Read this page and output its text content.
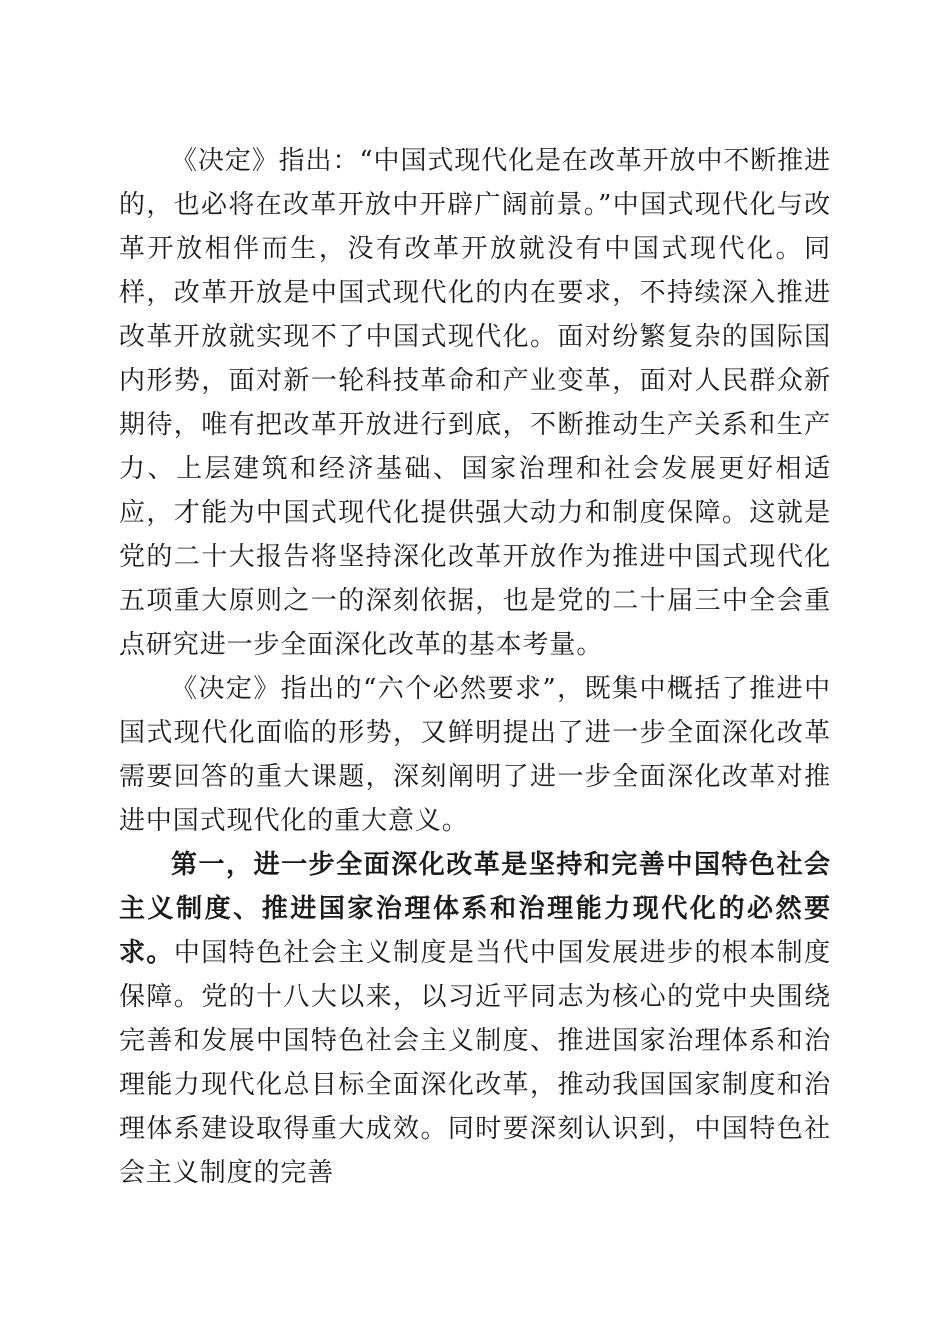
《决定》指出：“中国式现代化是在改革开放中不断推进的，也必将在改革开放中开辟广阔前景。”中国式现代化与改革开放相伴而生，没有改革开放就没有中国式现代化。同样，改革开放是中国式现代化的内在要求，不持续深入推进改革开放就实现不了中国式现代化。面对纷繁复杂的国际国内形势，面对新一轮科技革命和产业变革，面对人民群众新期待，唯有把改革开放进行到底，不断推动生产关系和生产力、上层建筑和经济基础、国家治理和社会发展更好相适应，才能为中国式现代化提供强大动力和制度保障。这就是党的二十大报告将坚持深化改革开放作为推进中国式现代化五项重大原则之一的深刻依据，也是党的二十届三中全会重点研究进一步全面深化改革的基本考量。

《决定》指出的“六个必然要求”，既集中概括了推进中国式现代化面临的形势，又鲜明提出了进一步全面深化改革需要回答的重大课题，深刻阐明了进一步全面深化改革对推进中国式现代化的重大意义。

第一，进一步全面深化改革是坚持和完善中国特色社会主义制度、推进国家治理体系和治理能力现代化的必然要求。中国特色社会主义制度是当代中国发展进步的根本制度保障。党的十八大以来，以习近平同志为核心的党中央围绕完善和发展中国特色社会主义制度、推进国家治理体系和治理能力现代化总目标全面深化改革，推动我国国家制度和治理体系建设取得重大成效。同时要深刻认识到，中国特色社会主义制度的完善
